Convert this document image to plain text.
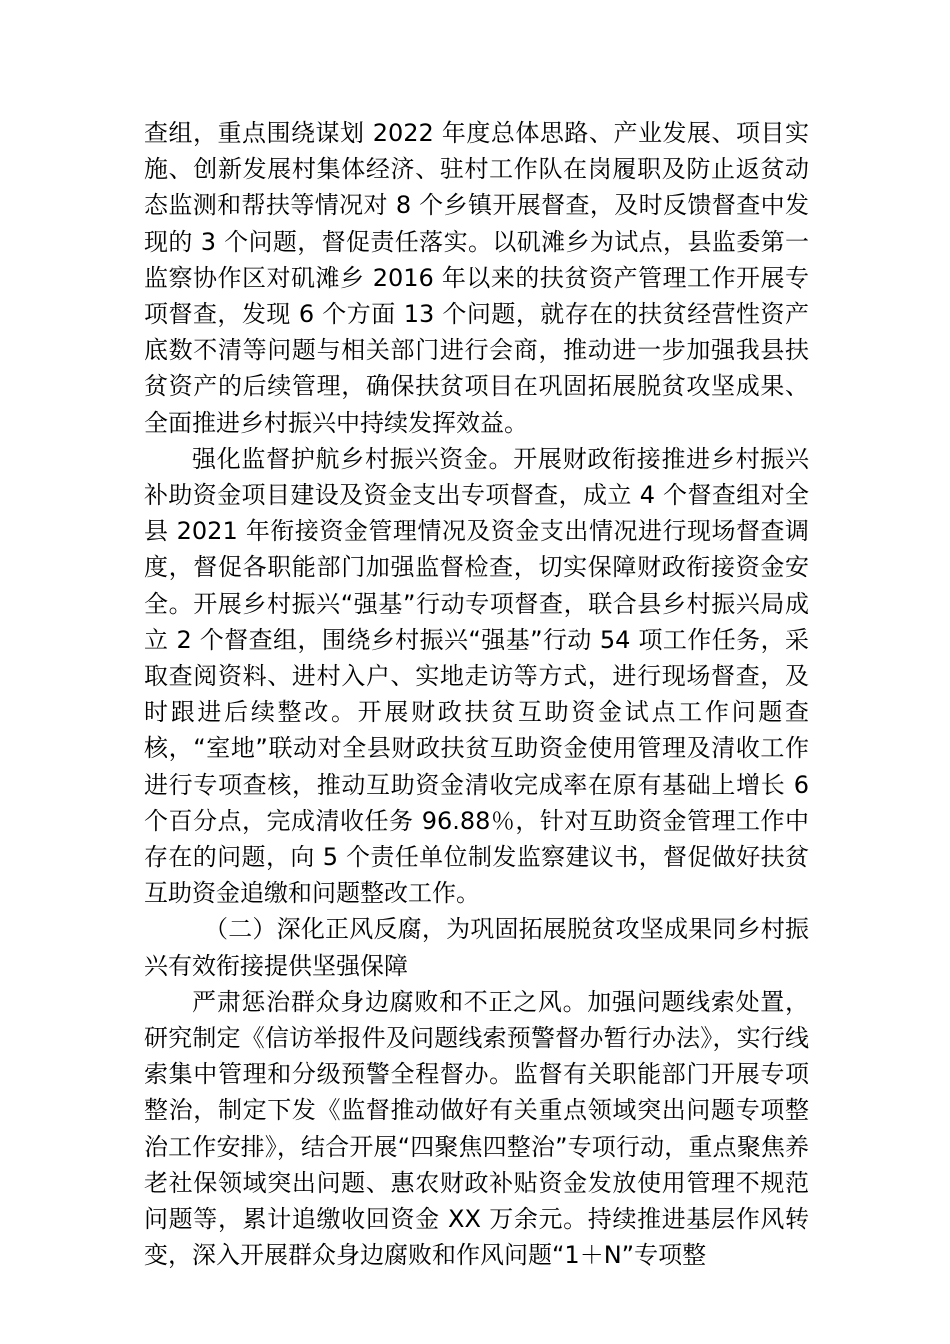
查组，重点围绕谋划 2022 年度总体思路、产业发展、项目实施、创新发展村集体经济、驻村工作队在岗履职及防止返贫动态监测和帮扶等情况对 8 个乡镇开展督查，及时反馈督查中发现的 3 个问题，督促责任落实。以矶滩乡为试点，县监委第一监察协作区对矶滩乡 2016 年以来的扶贫资产管理工作开展专项督查，发现 6 个方面 13 个问题，就存在的扶贫经营性资产底数不清等问题与相关部门进行会商，推动进一步加强我县扶贫资产的后续管理，确保扶贫项目在巩固拓展脱贫攻坚成果、全面推进乡村振兴中持续发挥效益。

强化监督护航乡村振兴资金。开展财政衔接推进乡村振兴补助资金项目建设及资金支出专项督查，成立 4 个督查组对全县 2021 年衔接资金管理情况及资金支出情况进行现场督查调度，督促各职能部门加强监督检查，切实保障财政衔接资金安全。开展乡村振兴“强基”行动专项督查，联合县乡村振兴局成立 2 个督查组，围绕乡村振兴“强基”行动 54 项工作任务，采取查阅资料、进村入户、实地走访等方式，进行现场督查，及时跟进后续整改。开展财政扶贫互助资金试点工作问题查核，“室地”联动对全县财政扶贫互助资金使用管理及清收工作进行专项查核，推动互助资金清收完成率在原有基础上增长 6 个百分点，完成清收任务 96.88％，针对互助资金管理工作中存在的问题，向 5 个责任单位制发监察建议书，督促做好扶贫互助资金追缴和问题整改工作。

（二）深化正风反腐，为巩固拓展脱贫攻坚成果同乡村振兴有效衔接提供坚强保障

严肃惩治群众身边腐败和不正之风。加强问题线索处置，研究制定《信访举报件及问题线索预警督办暂行办法》，实行线索集中管理和分级预警全程督办。监督有关职能部门开展专项整治，制定下发《监督推动做好有关重点领域突出问题专项整治工作安排》，结合开展“四聚焦四整治”专项行动，重点聚焦养老社保领域突出问题、惠农财政补贴资金发放使用管理不规范问题等，累计追缴收回资金 XX 万余元。持续推进基层作风转变，深入开展群众身边腐败和作风问题“1＋N”专项整
